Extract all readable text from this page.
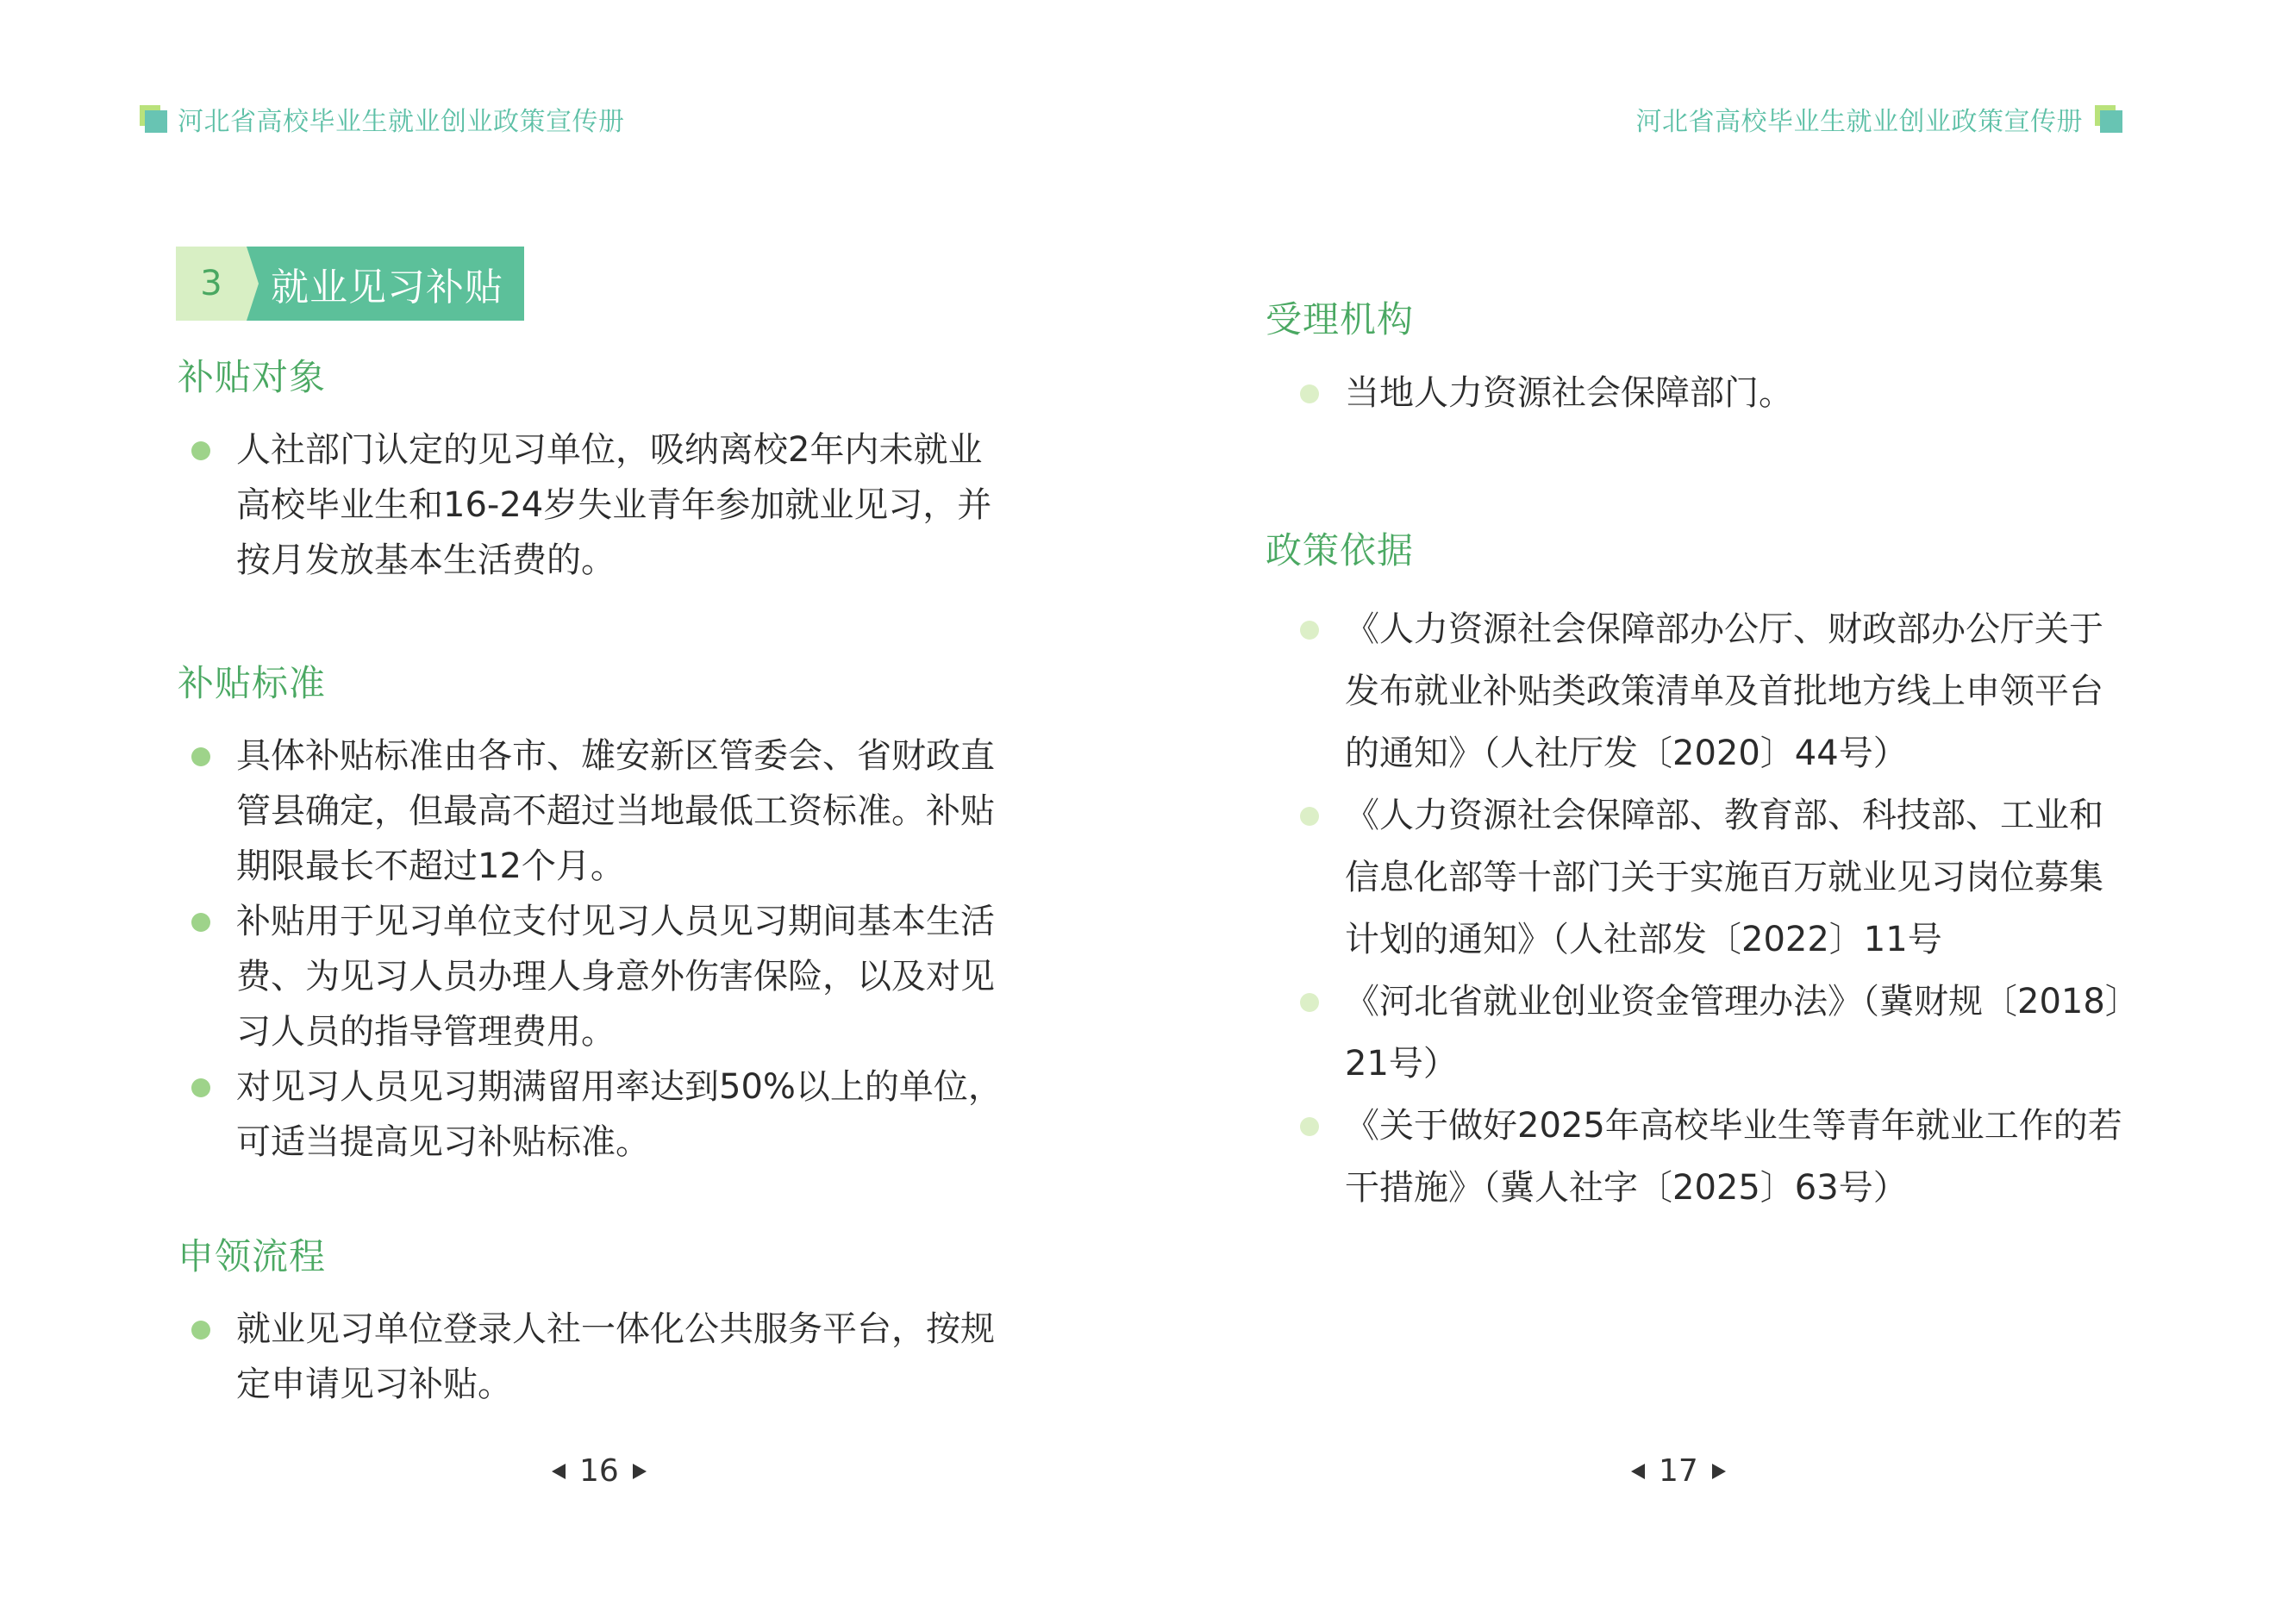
河北省高校毕业生就业创业政策宣传册
3	就业见习补贴
补贴对象
人社部门认定的见习单位，吸纳离校2年内未就业高校毕业生和16-24岁失业青年参加就业见习，并按月发放基本生活费的。
补贴标准
具体补贴标准由各市、雄安新区管委会、省财政直管县确定，但最高不超过当地最低工资标准。补贴期限最长不超过12个月。
补贴用于见习单位支付见习人员见习期间基本生活费、为见习人员办理人身意外伤害保险，以及对见习人员的指导管理费用。
对见习人员见习期满留用率达到50%以上的单位，可适当提高见习补贴标准。
申领流程
就业见习单位登录人社一体化公共服务平台，按规定申请见习补贴。
16
河北省高校毕业生就业创业政策宣传册
受理机构
当地人力资源社会保障部门。
政策依据
《人力资源社会保障部办公厅、财政部办公厅关于发布就业补贴类政策清单及首批地方线上申领平台的通知》（人社厅发〔2020〕44号）
《人力资源社会保障部、教育部、科技部、工业和信息化部等十部门关于实施百万就业见习岗位募集计划的通知》（人社部发〔2022〕11号
《河北省就业创业资金管理办法》（冀财规〔2018〕21号）
《关于做好2025年高校毕业生等青年就业工作的若干措施》（冀人社字〔2025〕63号）
17
